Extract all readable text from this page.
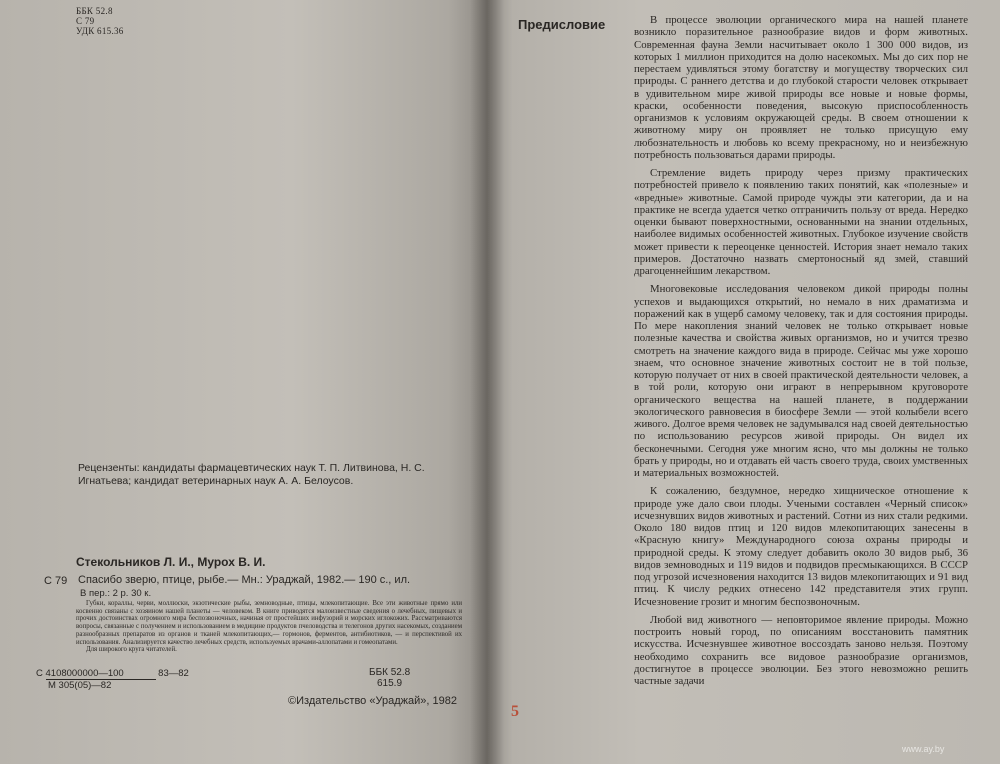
ББК 52.8
С 79
УДК 615.36
Рецензенты: кандидаты фармацевтических наук Т. П. Литвинова, Н. С. Игнатьева; кандидат ветеринарных наук А. А. Белоусов.
Стекольников Л. И., Мурох В. И.
С 79 Спасибо зверю, птице, рыбе.— Мн.: Ураджай, 1982.— 190 с., ил.
В пер.: 2 р. 30 к.

Губки, кораллы, черви, моллюски, экзотические рыбы, земноводные, птицы, млекопитающие. Все эти животные прямо или косвенно связаны с хозяином нашей планеты — человеком. В книге приводятся малоизвестные сведения о лечебных, пищевых и прочих достоинствах огромного мира беспозвоночных, начиная от простейших инфузорий и морских иглокожих. Рассматриваются вопросы, связанные с получением и использованием в медицине продуктов пчеловодства и телегонов других насекомых, созданием разнообразных препаратов из органов и тканей млекопитающих,— гормонов, ферментов, антибиотиков, — и перспективой их использования. Анализируется качество лечебных средств, используемых врачами-аллопатами и гомеопатами.

Для широкого круга читателей.

С 4108000000—100	83—82
М 305(05)—82
ББК 52.8
615.9
©Издательство «Ураджай», 1982
Предисловие	В процессе эволюции органического мира на нашей планете возникло поразительное разнообразие видов и форм животных. Современная фауна Земли насчитывает около 1 300 000 видов, из которых 1 миллион приходится на долю насекомых. Мы до сих пор не перестаем удивляться этому богатству и могуществу творческих сил природы. С раннего детства и до глубокой старости человек открывает в удивительном мире живой природы все новые и новые формы, краски, особенности поведения, высокую приспособленность организмов к условиям окружающей среды. В своем отношении к животному миру он проявляет не только присущую ему любознательность и любовь ко всему прекрасному, но и неизбежную потребность пользоваться дарами природы.

Стремление видеть природу через призму практических потребностей привело к появлению таких понятий, как «полезные» и «вредные» животные. Самой природе чужды эти категории, да и на практике не всегда удается четко отграничить пользу от вреда. Нередко оценки бывают поверхностными, основанными на знании отдельных, наиболее видимых особенностей животных. Глубокое изучение свойств может привести к переоценке ценностей. История знает немало таких примеров. Достаточно назвать смертоносный яд змей, ставший драгоценнейшим лекарством.

Многовековые исследования человеком дикой природы полны успехов и выдающихся открытий, но немало в них драматизма и поражений как в ущерб самому человеку, так и для состояния природы. По мере накопления знаний человек не только открывает новые полезные качества и свойства живых организмов, но и учится трезво смотреть на значение каждого вида в природе. Сейчас мы уже хорошо знаем, что основное значение животных состоит не в той пользе, которую получает от них в своей практической деятельности человек, а в той роли, которую они играют в непрерывном круговороте органического вещества на нашей планете, в поддержании экологического равновесия в биосфере Земли — этой колыбели всего живого. Долгое время человек не задумывался над своей деятельностью по использованию ресурсов живой природы. Он видел их бесконечными. Сегодня уже многим ясно, что мы должны не только брать у природы, но и отдавать ей часть своего труда, своих умственных и материальных возможностей.

К сожалению, бездумное, нередко хищническое отношение к природе уже дало свои плоды. Учеными составлен «Черный список» исчезнувших видов животных и растений. Сотни из них стали редкими. Около 180 видов птиц и 120 видов млекопитающих занесены в «Красную книгу» Международного союза охраны природы и природной среды. К этому следует добавить около 30 видов рыб, 36 видов земноводных и 119 видов и подвидов пресмыкающихся. В СССР под угрозой исчезновения находится 13 видов млекопитающих и 91 вид птиц. К числу редких отнесено 142 представителя этих групп. Исчезновение грозит и многим беспозвоночным.

Любой вид животного — неповторимое явление природы. Можно построить новый город, по описаниям восстановить памятник искусства. Исчезнувшее животное воссоздать заново нельзя. Поэтому необходимо сохранить все видовое разнообразие организмов, достигнутое в процессе эволюции. Без этого невозможно решить частные задачи

5
www.ay.by
